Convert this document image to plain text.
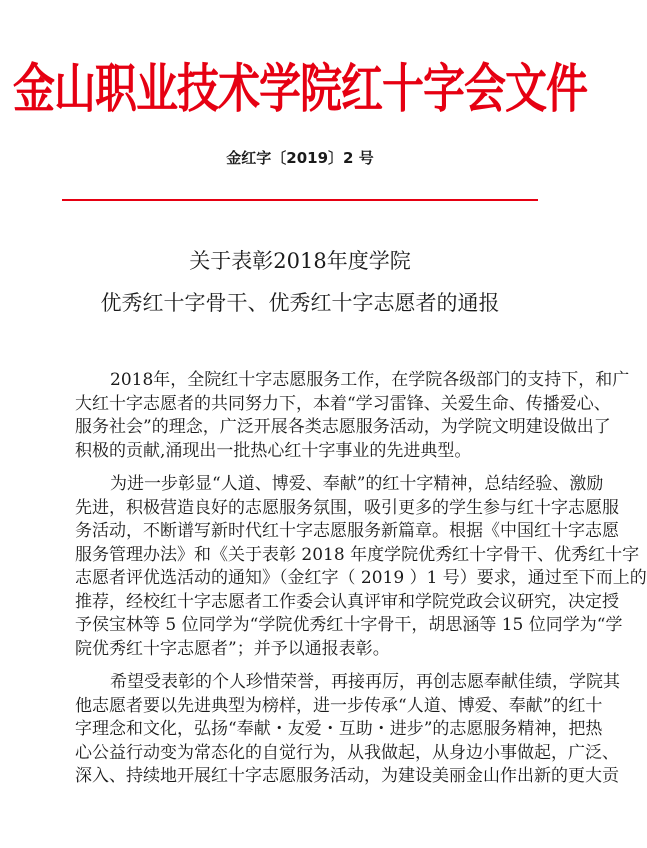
金山职业技术学院红十字会文件
金红字〔2019〕2 号
关于表彰2018年度学院
优秀红十字骨干、优秀红十字志愿者的通报
2018年，全院红十字志愿服务工作，在学院各级部门的支持下，和广
大红十字志愿者的共同努力下，本着“学习雷锋、关爱生命、传播爱心、
服务社会”的理念，广泛开展各类志愿服务活动，为学院文明建设做出了
积极的贡献,涌现出一批热心红十字事业的先进典型。
为进一步彰显“人道、博爱、奉献”的红十字精神，总结经验、激励
先进，积极营造良好的志愿服务氛围，吸引更多的学生参与红十字志愿服
务活动，不断谱写新时代红十字志愿服务新篇章。根据《中国红十字志愿
服务管理办法》和《关于表彰 2018 年度学院优秀红十字骨干、优秀红十字
志愿者评优选活动的通知》（金红字（ 2019 ）1 号）要求，通过至下而上的
推荐，经校红十字志愿者工作委会认真评审和学院党政会议研究，决定授
予侯宝林等 5 位同学为“学院优秀红十字骨干，胡思涵等 15 位同学为“学
院优秀红十字志愿者”；并予以通报表彰。
希望受表彰的个人珍惜荣誉，再接再厉，再创志愿奉献佳绩，学院其
他志愿者要以先进典型为榜样，进一步传承“人道、博爱、奉献”的红十
字理念和文化，弘扬“奉献・友爱・互助・进步”的志愿服务精神，把热
心公益行动变为常态化的自觉行为，从我做起，从身边小事做起，广泛、
深入、持续地开展红十字志愿服务活动，为建设美丽金山作出新的更大贡
